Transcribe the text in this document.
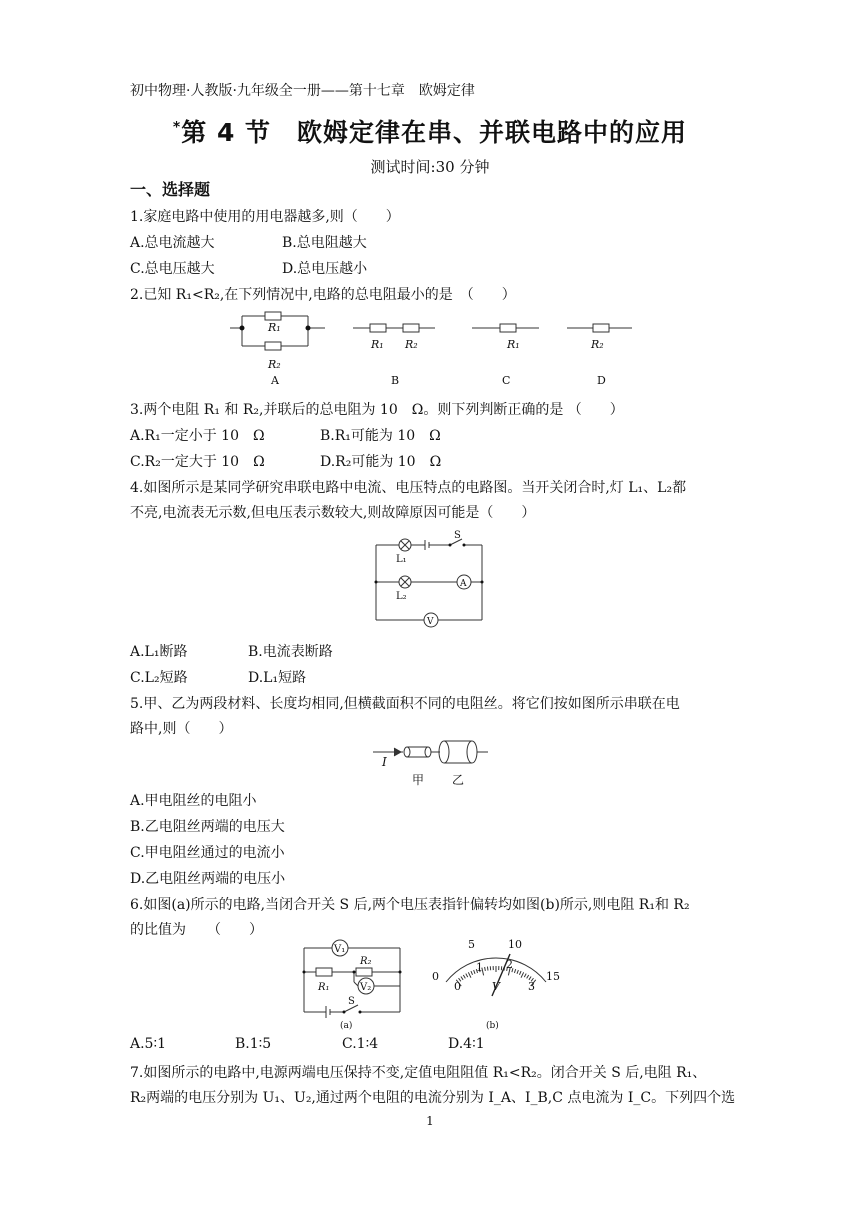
初中物理·人教版·九年级全一册——第十七章　欧姆定律
*第 4 节　欧姆定律在串、并联电路中的应用
测试时间:30 分钟
一、选择题
1.家庭电路中使用的用电器越多,则（　　）
A.总电流越大	B.总电阻越大
C.总电压越大	D.总电压越小
2.已知 R₁<R₂,在下列情况中,电路的总电阻最小的是　（　　）
R₁
R₂
R₁ R₂	R₁	R₂
A	B	C	D
3.两个电阻 R₁ 和 R₂,并联后的总电阻为 10　Ω。则下列判断正确的是 （　　）
A.R₁一定小于 10　Ω	B.R₁可能为 10　Ω
C.R₂一定大于 10　Ω	D.R₂可能为 10　Ω
4.如图所示是某同学研究串联电路中电流、电压特点的电路图。当开关闭合时,灯 L₁、L₂都
不亮,电流表无示数,但电压表示数较大,则故障原因可能是（　　）
S
L₁
L₂
A
V
A.L₁断路	B.电流表断路
C.L₂短路	D.L₁短路
5.甲、乙为两段材料、长度均相同,但横截面积不同的电阻丝。将它们按如图所示串联在电
路中,则（　　）
I
甲 乙
A.甲电阻丝的电阻小
B.乙电阻丝两端的电压大
C.甲电阻丝通过的电流小
D.乙电阻丝两端的电压小
6.如图(a)所示的电路,当闭合开关 S 后,两个电压表指针偏转均如图(b)所示,则电阻 R₁和 R₂
的比值为　　（　　）
V₁
V₂
R₁
R₂
S
(a)
0
5	10
15
0
1 2
3
V
(b)
A.5∶1	B.1∶5	C.1∶4	D.4∶1
7.如图所示的电路中,电源两端电压保持不变,定值电阻阻值 R₁<R₂。闭合开关 S 后,电阻 R₁、
R₂两端的电压分别为 U₁、U₂,通过两个电阻的电流分别为 I_A、I_B,C 点电流为 I_C。下列四个选
1
